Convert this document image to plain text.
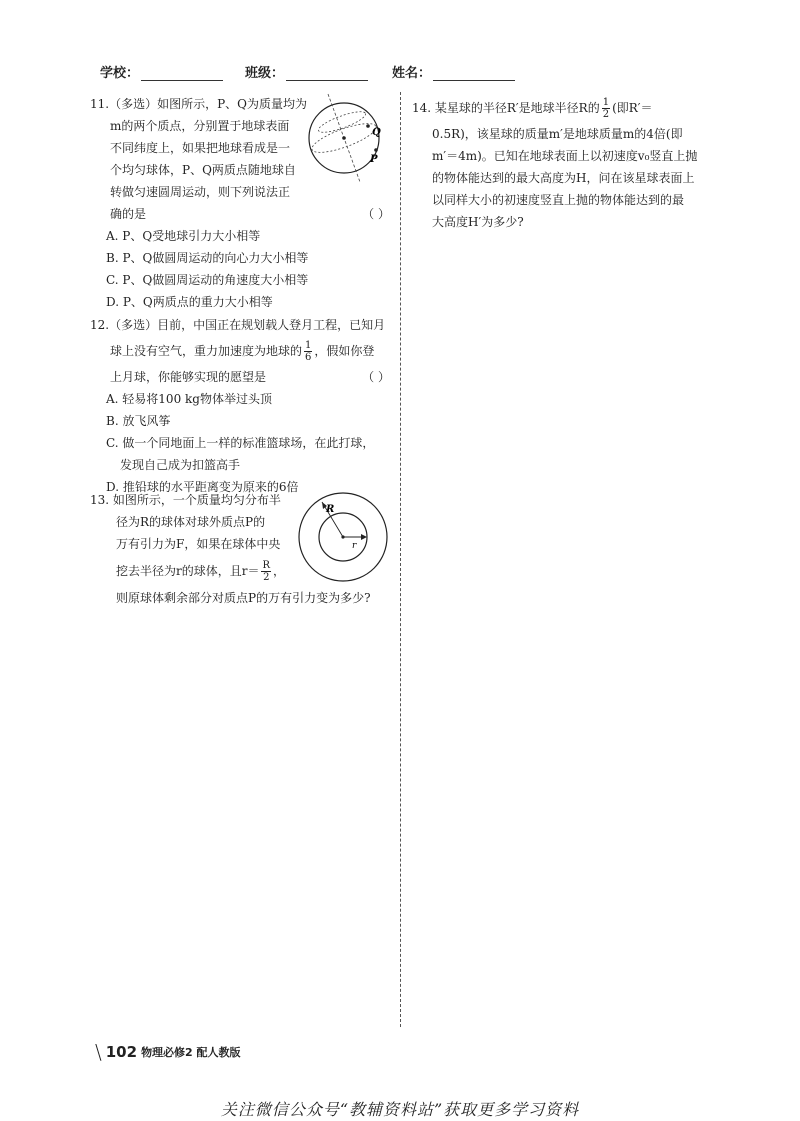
学校：	班级：	姓名：
11.（多选）如图所示，P、Q为质量均为
m的两个质点，分别置于地球表面
不同纬度上，如果把地球看成是一
个均匀球体，P、Q两质点随地球自
转做匀速圆周运动，则下列说法正
确的是	（ ）
A. P、Q受地球引力大小相等
B. P、Q做圆周运动的向心力大小相等
C. P、Q做圆周运动的角速度大小相等
D. P、Q两质点的重力大小相等
Q
P
12.（多选）目前，中国正在规划载人登月工程，已知月
球上没有空气，重力加速度为地球的 $\frac{1}{6}$ ，假如你登
上月球，你能够实现的愿望是	（ ）
A. 轻易将100 kg物体举过头顶
B. 放飞风筝
C. 做一个同地面上一样的标准篮球场，在此打球，
发现自己成为扣篮高手
D. 推铅球的水平距离变为原来的6倍
13. 如图所示，一个质量均匀分布半
径为R的球体对球外质点P的
万有引力为F，如果在球体中央
挖去半径为r的球体，且$r= \frac{R}{2}$ ，
则原球体剩余部分对质点P的万有引力变为多少?
R
r
14. 某星球的半径R′是地球半径R的 $\frac{1}{2}$ (即R′＝
0.5R)，该星球的质量m′是地球质量m的4倍(即
m′＝4m)。已知在地球表面上以初速度v₀竖直上抛
的物体能达到的最大高度为H，问在该星球表面上
以同样大小的初速度竖直上抛的物体能达到的最
大高度H′为多少?
\ 102 物理必修2 配人教版
关注微信公众号“教辅资料站”获取更多学习资料
